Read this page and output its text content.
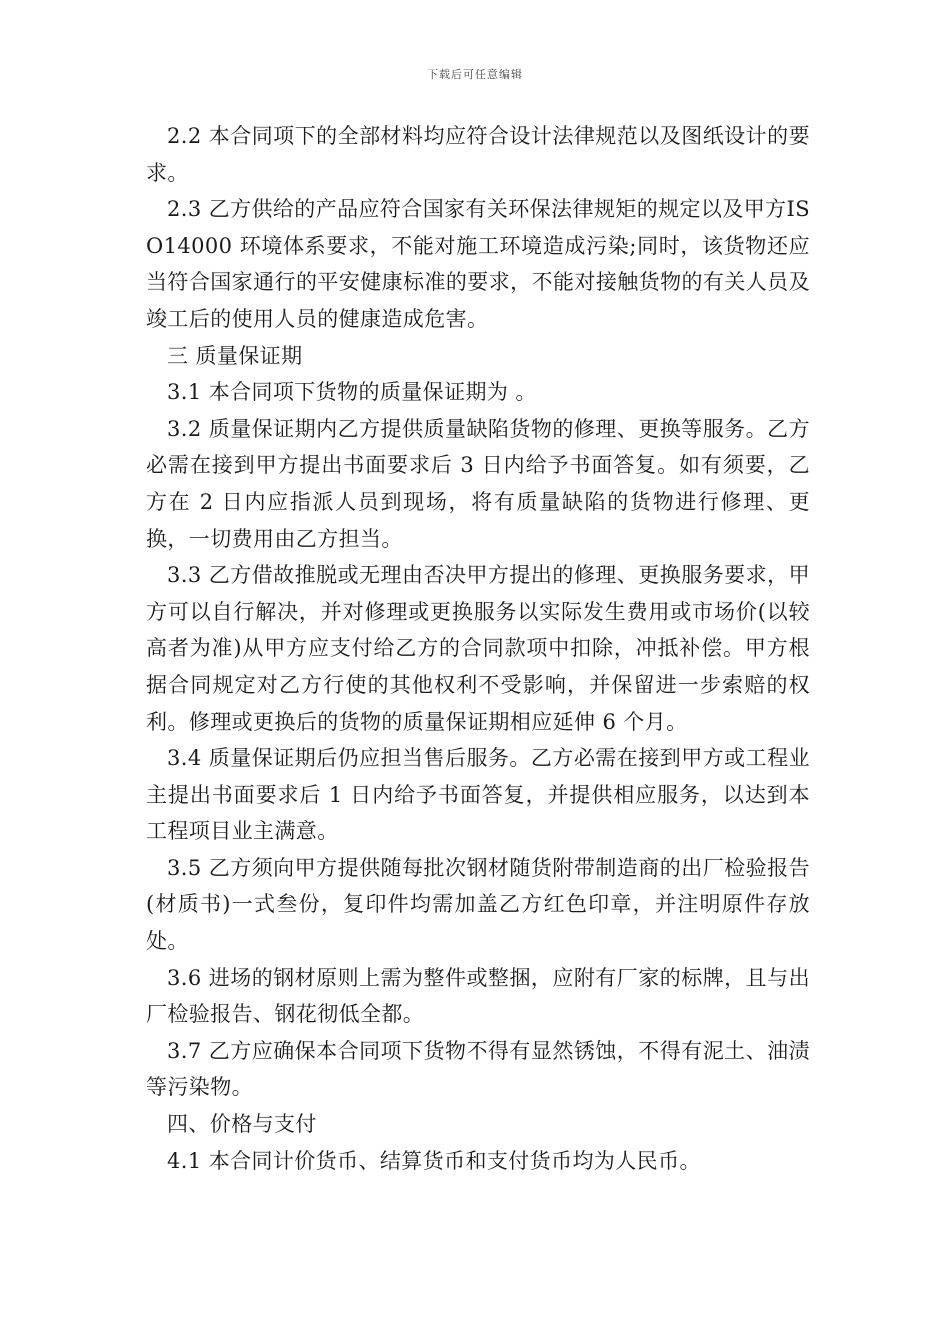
下载后可任意编辑

2.2 本合同项下的全部材料均应符合设计法律规范以及图纸设计的要求。

2.3 乙方供给的产品应符合国家有关环保法律规矩的规定以及甲方ISO14000 环境体系要求，不能对施工环境造成污染;同时，该货物还应当符合国家通行的平安健康标准的要求，不能对接触货物的有关人员及竣工后的使用人员的健康造成危害。

三 质量保证期

3.1 本合同项下货物的质量保证期为 。

3.2 质量保证期内乙方提供质量缺陷货物的修理、更换等服务。乙方必需在接到甲方提出书面要求后 3 日内给予书面答复。如有须要，乙方在 2 日内应指派人员到现场，将有质量缺陷的货物进行修理、更换，一切费用由乙方担当。

3.3 乙方借故推脱或无理由否决甲方提出的修理、更换服务要求，甲方可以自行解决，并对修理或更换服务以实际发生费用或市场价(以较高者为准)从甲方应支付给乙方的合同款项中扣除，冲抵补偿。甲方根据合同规定对乙方行使的其他权利不受影响，并保留进一步索赔的权利。修理或更换后的货物的质量保证期相应延伸 6 个月。

3.4 质量保证期后仍应担当售后服务。乙方必需在接到甲方或工程业主提出书面要求后 1 日内给予书面答复，并提供相应服务，以达到本工程项目业主满意。

3.5 乙方须向甲方提供随每批次钢材随货附带制造商的出厂检验报告(材质书)一式叁份，复印件均需加盖乙方红色印章，并注明原件存放处。

3.6 进场的钢材原则上需为整件或整捆，应附有厂家的标牌，且与出厂检验报告、钢花彻低全都。

3.7 乙方应确保本合同项下货物不得有显然锈蚀，不得有泥土、油渍等污染物。

四、价格与支付

4.1 本合同计价货币、结算货币和支付货币均为人民币。
